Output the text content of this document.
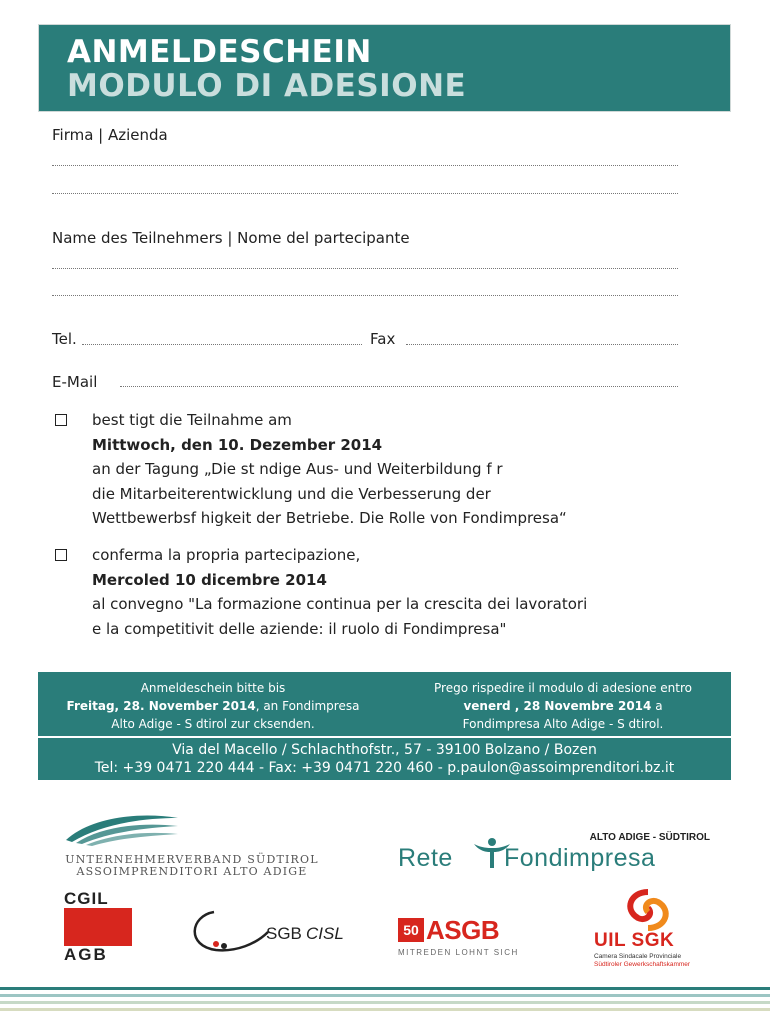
ANMELDESCHEIN
MODULO DI ADESIONE
Firma | Azienda
Name des Teilnehmers | Nome del partecipante
Tel.	Fax
E-Mail
best tigt die Teilnahme am
Mittwoch, den 10. Dezember 2014
an der Tagung „Die st ndige Aus- und Weiterbildung f r
die Mitarbeiterentwicklung und die Verbesserung der
Wettbewerbsf higkeit der Betriebe. Die Rolle von Fondimpresa“
conferma la propria partecipazione,
Mercoled 10 dicembre 2014
al convegno "La formazione continua per la crescita dei lavoratori
e la competitivit delle aziende: il ruolo di Fondimpresa"
Anmeldeschein bitte bis
Freitag, 28. November 2014, an Fondimpresa
Alto Adige - S dtirol zur cksenden.
Prego rispedire il modulo di adesione entro
venerd , 28 Novembre 2014 a
Fondimpresa Alto Adige - S dtirol.
Via del Macello / Schlachthofstr., 57 - 39100 Bolzano / Bozen
Tel: +39 0471 220 444 - Fax: +39 0471 220 460 - p.paulon@assoimprenditori.bz.it
UNTERNEHMERVERBAND SÜDTIROL
ASSOIMPRENDITORI ALTO ADIGE
ALTO ADIGE - SÜDTIROL
Rete Fondimpresa
CGIL
AGB
SGB CISL	50 ASGB
MITREDEN LOHNT SICH
UIL SGK
Camera Sindacale Provinciale
Südtiroler Gewerkschaftskammer
